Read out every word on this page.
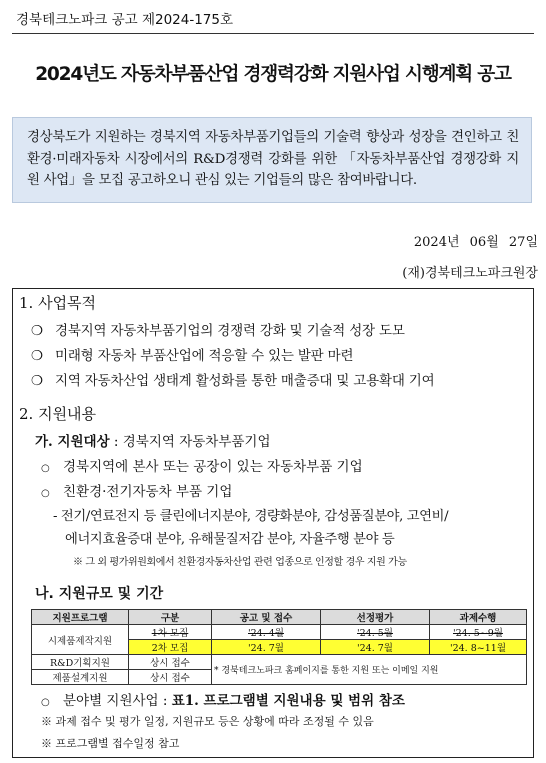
경북테크노파크 공고 제2024-175호
2024년도 자동차부품산업 경쟁력강화 지원사업 시행계획 공고

경상북도가 지원하는 경북지역 자동차부품기업들의 기술력 향상과 성장을 견인하고 친환경·미래자동차 시장에서의 R&D경쟁력 강화를 위한 「자동차부품산업 경쟁강화 지원 사업」을 모집 공고하오니 관심 있는 기업들의 많은 참여바랍니다.

2024년 06월 27일
(재)경북테크노파크원장
1. 사업목적
❍ 경북지역 자동차부품기업의 경쟁력 강화 및 기술적 성장 도모
❍ 미래형 자동차 부품산업에 적응할 수 있는 발판 마련
❍ 지역 자동차산업 생태계 활성화를 통한 매출증대 및 고용확대 기여
2. 지원내용
가. 지원대상 : 경북지역 자동차부품기업
○ 경북지역에 본사 또는 공장이 있는 자동차부품 기업
○ 친환경·전기자동차 부품 기업
- 전기/연료전지 등 클린에너지분야, 경량화분야, 감성품질분야, 고연비/
에너지효율증대 분야, 유해물질저감 분야, 자율주행 분야 등
※ 그 외 평가위원회에서 친환경자동차산업 관련 업종으로 인정할 경우 지원 가능
나. 지원규모 및 기간
지원프로그램	구분	공고 및 접수	선정평가	과제수행
시제품제작지원	1차 모집	'24. 4월	'24. 5월	'24. 5~9월
	2차 모집	'24. 7월	'24. 7월	'24. 8~11월
R&D기획지원	상시 접수	* 경북테크노파크 홈페이지를 통한 지원 또는 이메일 지원		
제품설계지원	상시 접수			
○ 분야별 지원사업 : 표1. 프로그램별 지원내용 및 범위 참조
※ 과제 접수 및 평가 일정, 지원규모 등은 상황에 따라 조정될 수 있음
※ 프로그램별 접수일정 참고
